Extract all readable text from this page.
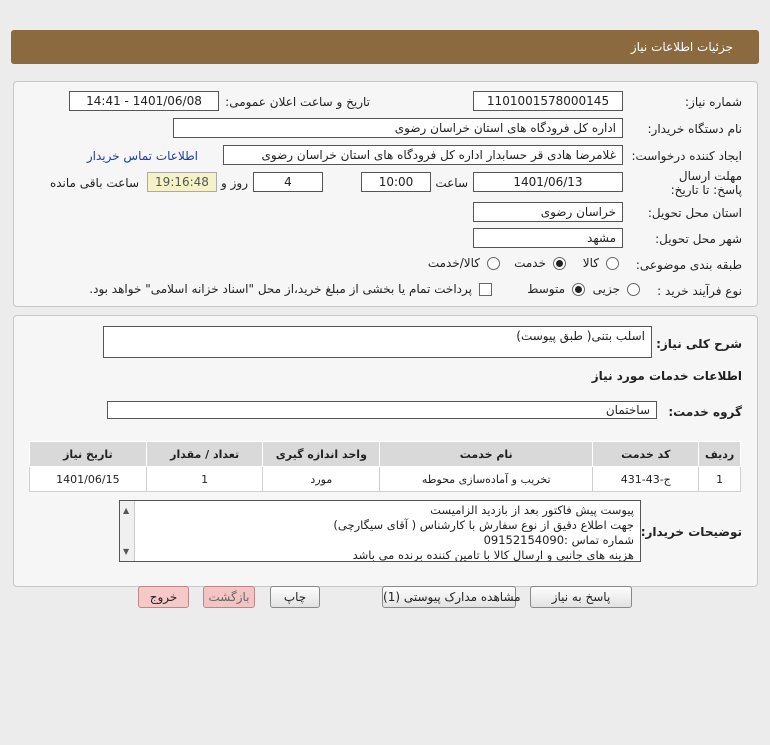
جزئیات اطلاعات نیاز
شماره نیاز:
1101001578000145
تاریخ و ساعت اعلان عمومی:
1401/06/08 - 14:41
نام دستگاه خریدار:
اداره کل فرودگاه های استان خراسان رضوی
ایجاد کننده درخواست:
غلامرضا هادی قر حسابدار اداره کل فرودگاه های استان خراسان رضوی
اطلاعات تماس خریدار
مهلت ارسال پاسخ: تا تاریخ:
1401/06/13
ساعت
10:00
4
روز و
19:16:48
ساعت باقی مانده
استان محل تحویل:
خراسان رضوی
شهر محل تحویل:
مشهد
طبقه بندی موضوعی:
کالا
خدمت
کالا/خدمت
نوع فرآیند خرید :
جزیی
متوسط
پرداخت تمام یا بخشی از مبلغ خرید،از محل "اسناد خزانه اسلامی" خواهد بود.
شرح کلی نیاز:
اسلب بتنی( طبق پیوست)
اطلاعات خدمات مورد نیاز
گروه خدمت:
ساختمان
ردیف	کد خدمت	نام خدمت	واحد اندازه گیری	تعداد / مقدار	تاریخ نیاز
1	ج-43-431	تخریب و آماده‌سازی محوطه	مورد	1	1401/06/15
توضیحات خریدار:
▲
▼
پیوست پیش فاکتور بعد از بازدید الزامیست
جهت اطلاع دقیق از نوع سفارش با کارشناس ( آقای سیگارچی)
شماره تماس :09152154090
هزینه های جانبی و ارسال کالا با تامین کننده برنده می باشد
پاسخ به نیاز
مشاهده مدارک پیوستی (1)
چاپ
بازگشت
خروج
